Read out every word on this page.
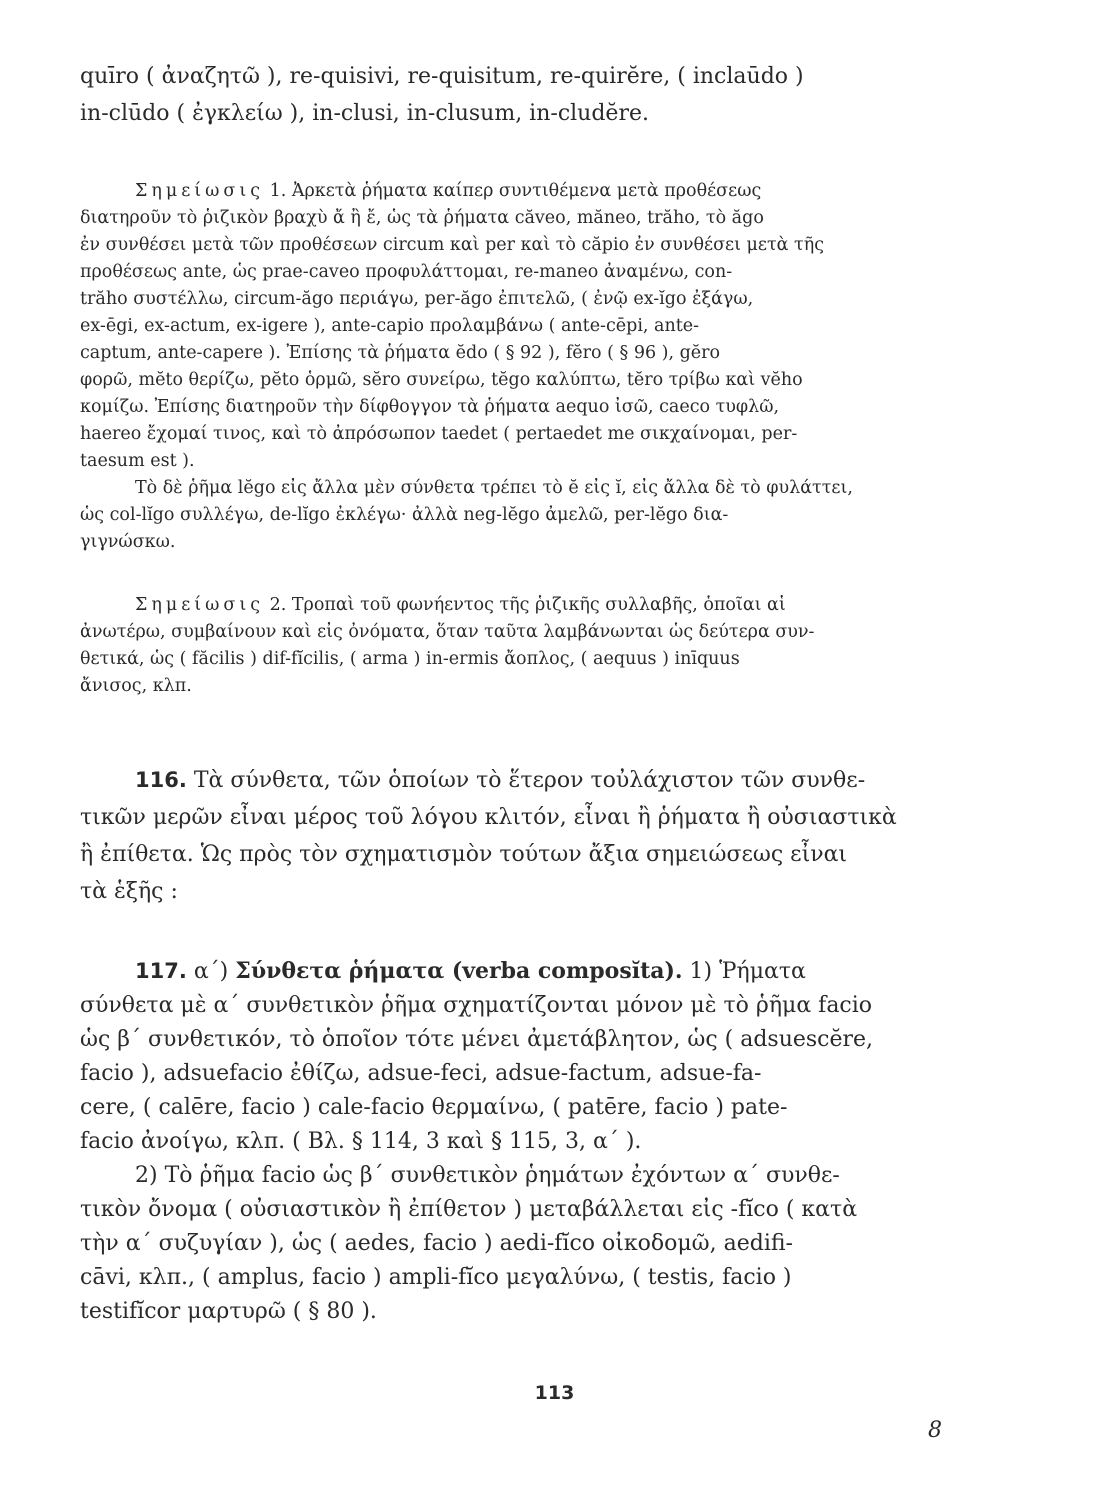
quīro ( ἀναζητῶ ), re-quisivi, re-quisitum, re-quirĕre, ( inclaūdo )
in-clūdo ( ἐγκλείω ), in-clusi, in-clusum, in-cludĕre.
Σημείωσις 1. Ἀρκετὰ ῥήματα καίπερ συντιθέμενα μετὰ προθέσεως
διατηροῦν τὸ ῥιζικὸν βραχὺ ἄ ἢ ἔ, ὡς τὰ ῥήματα căveo, măneo, trăho, τὸ ăgo
ἐν συνθέσει μετὰ τῶν προθέσεων circum καὶ per καὶ τὸ căpio ἐν συνθέσει μετὰ τῆς
προθέσεως ante, ὡς prae-caveo προφυλάττομαι, re-maneo ἀναμένω, con-
trăho συστέλλω, circum-ăgo περιάγω, per-ăgo ἐπιτελῶ, ( ἐνῷ ex-ĭgo ἐξάγω,
ex-ēgi, ex-actum, ex-igere ), ante-capio προλαμβάνω ( ante-cēpi, ante-
captum, ante-capere ). Ἐπίσης τὰ ῥήματα ĕdo ( § 92 ), fĕro ( § 96 ), gĕro
φορῶ, mĕto θερίζω, pĕto ὁρμῶ, sĕro συνείρω, tĕgo καλύπτω, tĕro τρίβω καὶ vĕho
κομίζω. Ἐπίσης διατηροῦν τὴν δίφθογγον τὰ ῥήματα aequo ἰσῶ, caeco τυφλῶ,
haereo ἔχομαί τινος, καὶ τὸ ἀπρόσωπον taedet ( pertaedet me σικχαίνομαι, per-
taesum est ).
Τὸ δὲ ῥῆμα lĕgo εἰς ἄλλα μὲν σύνθετα τρέπει τὸ ĕ εἰς ĭ, εἰς ἄλλα δὲ τὸ φυλάττει,
ὡς col-lĭgo συλλέγω, de-lĭgo ἐκλέγω· ἀλλὰ neg-lĕgo ἀμελῶ, per-lĕgo δια-
γιγνώσκω.
Σημείωσις 2. Τροπαὶ τοῦ φωνήεντος τῆς ῥιζικῆς συλλαβῆς, ὁποῖαι αἱ
ἀνωτέρω, συμβαίνουν καὶ εἰς ὀνόματα, ὅταν ταῦτα λαμβάνωνται ὡς δεύτερα συν-
θετικά, ὡς ( făcilis ) dif-fĭcilis, ( arma ) in-ermis ἄοπλος, ( aequus ) inīquus
ἄνισος, κλπ.
116. Τὰ σύνθετα, τῶν ὁποίων τὸ ἕτερον τοὐλάχιστον τῶν συνθε-
τικῶν μερῶν εἶναι μέρος τοῦ λόγου κλιτόν, εἶναι ἢ ῥήματα ἢ οὐσιαστικὰ
ἢ ἐπίθετα. Ὡς πρὸς τὸν σχηματισμὸν τούτων ἄξια σημειώσεως εἶναι
τὰ ἑξῆς :
117. α΄) Σύνθετα ῥήματα (verba composĭta). 1) Ῥήματα
σύνθετα μὲ α΄ συνθετικὸν ῥῆμα σχηματίζονται μόνον μὲ τὸ ῥῆμα facio
ὡς β΄ συνθετικόν, τὸ ὁποῖον τότε μένει ἀμετάβλητον, ὡς ( adsuescĕre,
facio ), adsuefacio ἐθίζω, adsue-feci, adsue-factum, adsue-fa-
cere, ( calēre, facio ) cale-facio θερμαίνω, ( patēre, facio ) pate-
facio ἀνοίγω, κλπ. ( Βλ. § 114, 3 καὶ § 115, 3, α΄ ).
2) Τὸ ῥῆμα facio ὡς β΄ συνθετικὸν ῥημάτων ἐχόντων α΄ συνθε-
τικὸν ὄνομα ( οὐσιαστικὸν ἢ ἐπίθετον ) μεταβάλλεται εἰς -fĭco ( κατὰ
τὴν α΄ συζυγίαν ), ὡς ( aedes, facio ) aedi-fĭco οἰκοδομῶ, aedifi-
cāvi, κλπ., ( amplus, facio ) ampli-fĭco μεγαλύνω, ( testis, facio )
testifĭcor μαρτυρῶ ( § 80 ).
113
8
